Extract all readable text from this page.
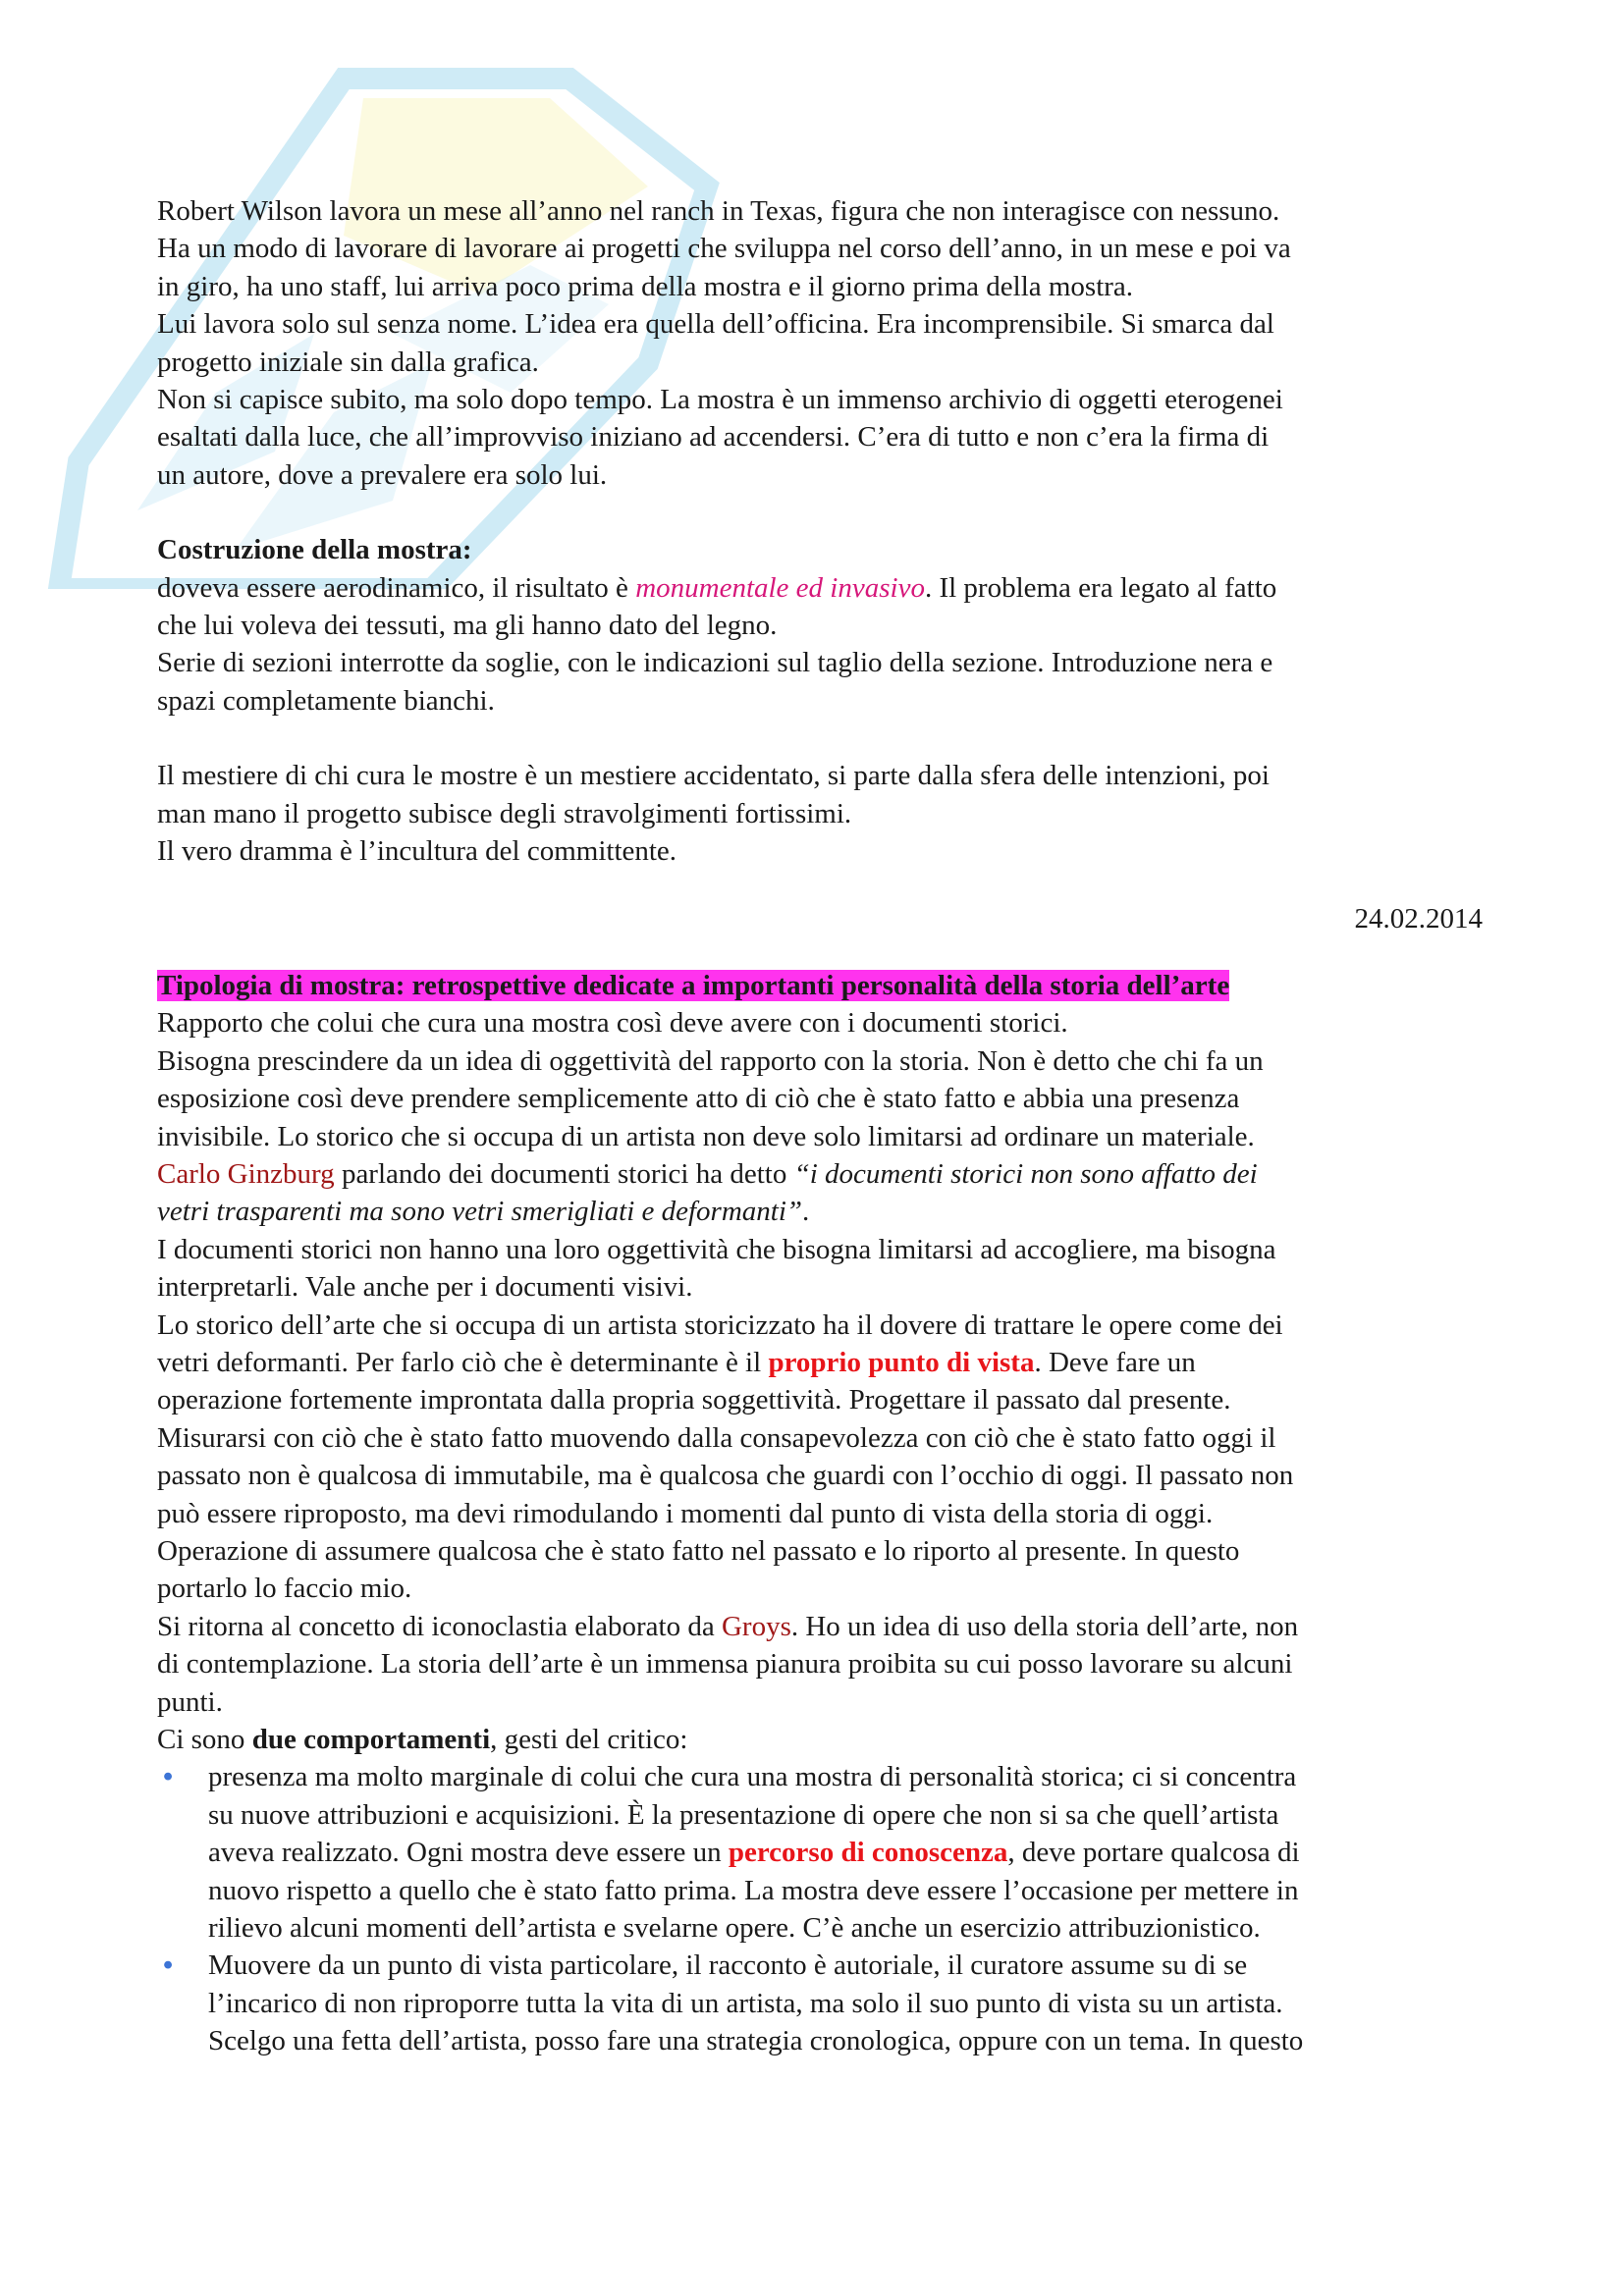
Robert Wilson lavora un mese all’anno nel ranch in Texas, figura che non interagisce con nessuno.
Ha un modo di lavorare di lavorare ai progetti che sviluppa nel corso dell’anno, in un mese e poi va
in giro, ha uno staff, lui arriva poco prima della mostra e il giorno prima della mostra.
Lui lavora solo sul senza nome. L’idea era quella dell’officina. Era incomprensibile. Si smarca dal
progetto iniziale sin dalla grafica.
Non si capisce subito, ma solo dopo tempo. La mostra è un immenso archivio di oggetti eterogenei
esaltati dalla luce, che all’improvviso iniziano ad accendersi. C’era di tutto e non c’era la firma di
un autore, dove a prevalere era solo lui.

Costruzione della mostra:
doveva essere aerodinamico, il risultato è monumentale ed invasivo. Il problema era legato al fatto
che lui voleva dei tessuti, ma gli hanno dato del legno.
Serie di sezioni interrotte da soglie, con le indicazioni sul taglio della sezione. Introduzione nera e
spazi completamente bianchi.

Il mestiere di chi cura le mostre è un mestiere accidentato, si parte dalla sfera delle intenzioni, poi
man mano il progetto subisce degli stravolgimenti fortissimi.
Il vero dramma è l’incultura del committente.

24.02.2014

Tipologia di mostra: retrospettive dedicate a importanti personalità della storia dell’arte
Rapporto che colui che cura una mostra così deve avere con i documenti storici.
Bisogna prescindere da un idea di oggettività del rapporto con la storia. Non è detto che chi fa un
esposizione così deve prendere semplicemente atto di ciò che è stato fatto e abbia una presenza
invisibile. Lo storico che si occupa di un artista non deve solo limitarsi ad ordinare un materiale.
Carlo Ginzburg parlando dei documenti storici ha detto “i documenti storici non sono affatto dei
vetri trasparenti ma sono vetri smerigliati e deformanti”.
I documenti storici non hanno una loro oggettività che bisogna limitarsi ad accogliere, ma bisogna
interpretarli. Vale anche per i documenti visivi.
Lo storico dell’arte che si occupa di un artista storicizzato ha il dovere di trattare le opere come dei
vetri deformanti. Per farlo ciò che è determinante è il proprio punto di vista. Deve fare un
operazione fortemente improntata dalla propria soggettività. Progettare il passato dal presente.
Misurarsi con ciò che è stato fatto muovendo dalla consapevolezza con ciò che è stato fatto oggi il
passato non è qualcosa di immutabile, ma è qualcosa che guardi con l’occhio di oggi. Il passato non
può essere riproposto, ma devi rimodulando i momenti dal punto di vista della storia di oggi.
Operazione di assumere qualcosa che è stato fatto nel passato e lo riporto al presente. In questo
portarlo lo faccio mio.
Si ritorna al concetto di iconoclastia elaborato da Groys. Ho un idea di uso della storia dell’arte, non
di contemplazione. La storia dell’arte è un immensa pianura proibita su cui posso lavorare su alcuni
punti.
Ci sono due comportamenti, gesti del critico:

• presenza ma molto marginale di colui che cura una mostra di personalità storica; ci si concentra
su nuove attribuzioni e acquisizioni. È la presentazione di opere che non si sa che quell’artista
aveva realizzato. Ogni mostra deve essere un percorso di conoscenza, deve portare qualcosa di
nuovo rispetto a quello che è stato fatto prima. La mostra deve essere l’occasione per mettere in
rilievo alcuni momenti dell’artista e svelarne opere. C’è anche un esercizio attribuzionistico.
• Muovere da un punto di vista particolare, il racconto è autoriale, il curatore assume su di se
l’incarico di non riproporre tutta la vita di un artista, ma solo il suo punto di vista su un artista.
Scelgo una fetta dell’artista, posso fare una strategia cronologica, oppure con un tema. In questo
